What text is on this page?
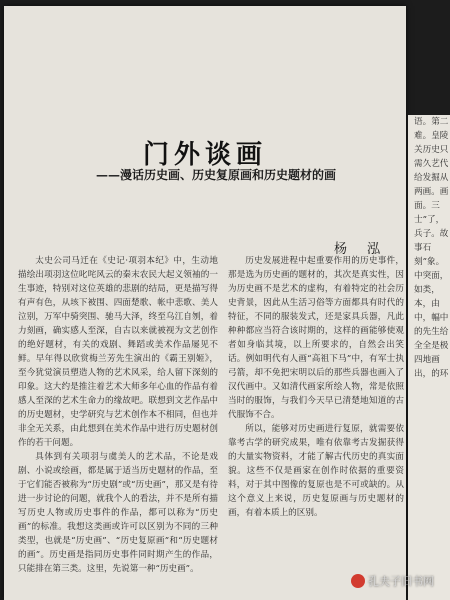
门外谈画
——漫话历史画、历史复原画和历史题材的画
杨 泓

太史公司马迁在《史记·项羽本纪》中，生动地描绘出项羽这位叱咤风云的秦末农民大起义领袖的一生事迹，特别对这位英雄的悲剧的结局，更是描写得有声有色，从垓下被围、四面楚歌、帐中悲歌、美人泣别，万军中骑突围、驰马大泽，终至乌江自刎，着力刻画，确实感人至深，自古以来就被视为文艺创作的绝好题材，有关的戏剧、舞蹈或美术作品屡见不鲜。早年得以欣赏梅兰芳先生演出的《霸王别姬》，至今犹觉演员塑造人物的艺术风采，给人留下深刻的印象。这大约是推注着艺术大师多年心血的作品有着感人至深的艺术生命力的缘故吧。联想到文艺作品中的历史题材，史学研究与艺术创作本不相同，但也并非全无关系，由此想到在美术作品中进行历史题材创作的若干问题。

具体到有关项羽与虞美人的艺术品，不论是戏剧、小说或绘画，都是属于适当历史题材的作品，至于它们能否被称为“历史剧”或“历史画”，那又是有待进一步讨论的问题，就我个人的看法，并不是所有描写历史人物或历史事件的作品，都可以称为“历史画”的标准。我想这类画或许可以区别为不同的三种类型，也就是“历史画”、“历史复原画”和“历史题材的画”。历史画是指同历史事件同时期产生的作品，只能排在第三类。这里，先说第一种“历史画”。

历史发展进程中起重要作用的历史事件，那是选为历史画的题材的，其次是真实性，因为历史画不是艺术的虚构，有着特定的社会历史背景，因此从生活习俗等方面都具有时代的特征，不同的服装发式，还是家具兵器，凡此种种都应当符合该时期的，这样的画能够使观者如身临其境，以上所要求的，自然会出笑话。例如明代有人画“高祖下马”中，有军士执弓箭，却不免把宋明以后的那些兵器也画入了汉代画中。又如清代画家所绘人物，常是依照当时的服饰，与我们今天早已清楚地知道的古代服饰不合。

所以，能够对历史画进行复原，就需要依靠考古学的研究成果，唯有依靠考古发掘获得的大量实物资料，才能了解古代历史的真实面貌。这些不仅是画家在创作时依据的重要资料，对于其中图像的复原也是不可或缺的。从这个意义上来说，历史复原画与历史题材的画，有着本质上的区别。

语。第二难。皇陵关历史只需久艺代给发掘从两画。画面。三士”了，兵子。故事石刻”象。中突面，如类，本，由中，幅中的先生给全全是极四地画出，的环
孔夫子旧书网
